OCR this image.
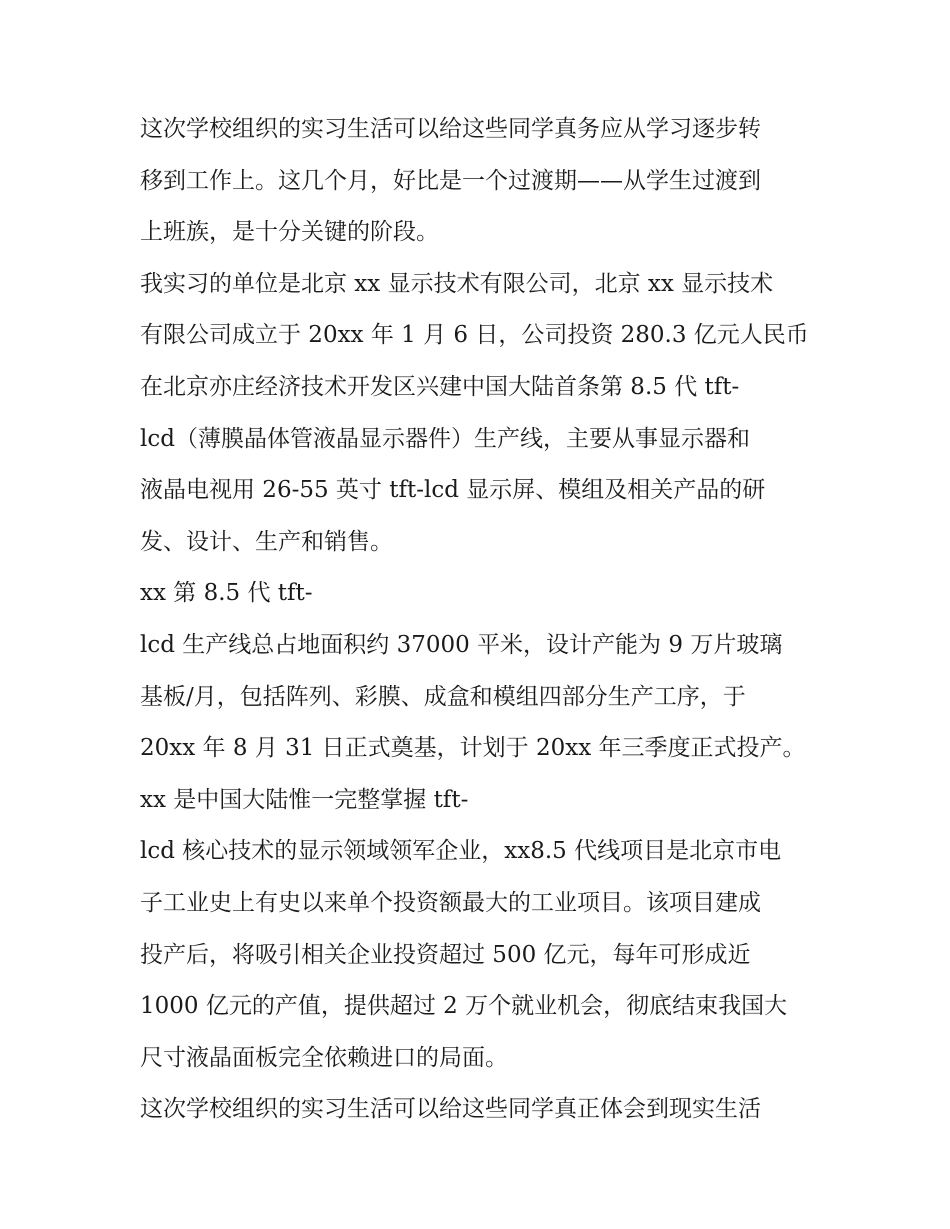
这次学校组织的实习生活可以给这些同学真务应从学习逐步转
移到工作上。这几个月，好比是一个过渡期——从学生过渡到
上班族，是十分关键的阶段。
我实习的单位是北京 xx 显示技术有限公司，北京 xx 显示技术
有限公司成立于 20xx 年 1 月 6 日，公司投资 280.3 亿元人民币
在北京亦庄经济技术开发区兴建中国大陆首条第 8.5 代 tft-
lcd（薄膜晶体管液晶显示器件）生产线，主要从事显示器和
液晶电视用 26-55 英寸 tft-lcd 显示屏、模组及相关产品的研
发、设计、生产和销售。
xx 第 8.5 代 tft-
lcd 生产线总占地面积约 37000 平米，设计产能为 9 万片玻璃
基板/月，包括阵列、彩膜、成盒和模组四部分生产工序，于
20xx 年 8 月 31 日正式奠基，计划于 20xx 年三季度正式投产。
xx 是中国大陆惟一完整掌握 tft-
lcd 核心技术的显示领域领军企业，xx8.5 代线项目是北京市电
子工业史上有史以来单个投资额最大的工业项目。该项目建成
投产后，将吸引相关企业投资超过 500 亿元，每年可形成近
1000 亿元的产值，提供超过 2 万个就业机会，彻底结束我国大
尺寸液晶面板完全依赖进口的局面。
这次学校组织的实习生活可以给这些同学真正体会到现实生活
